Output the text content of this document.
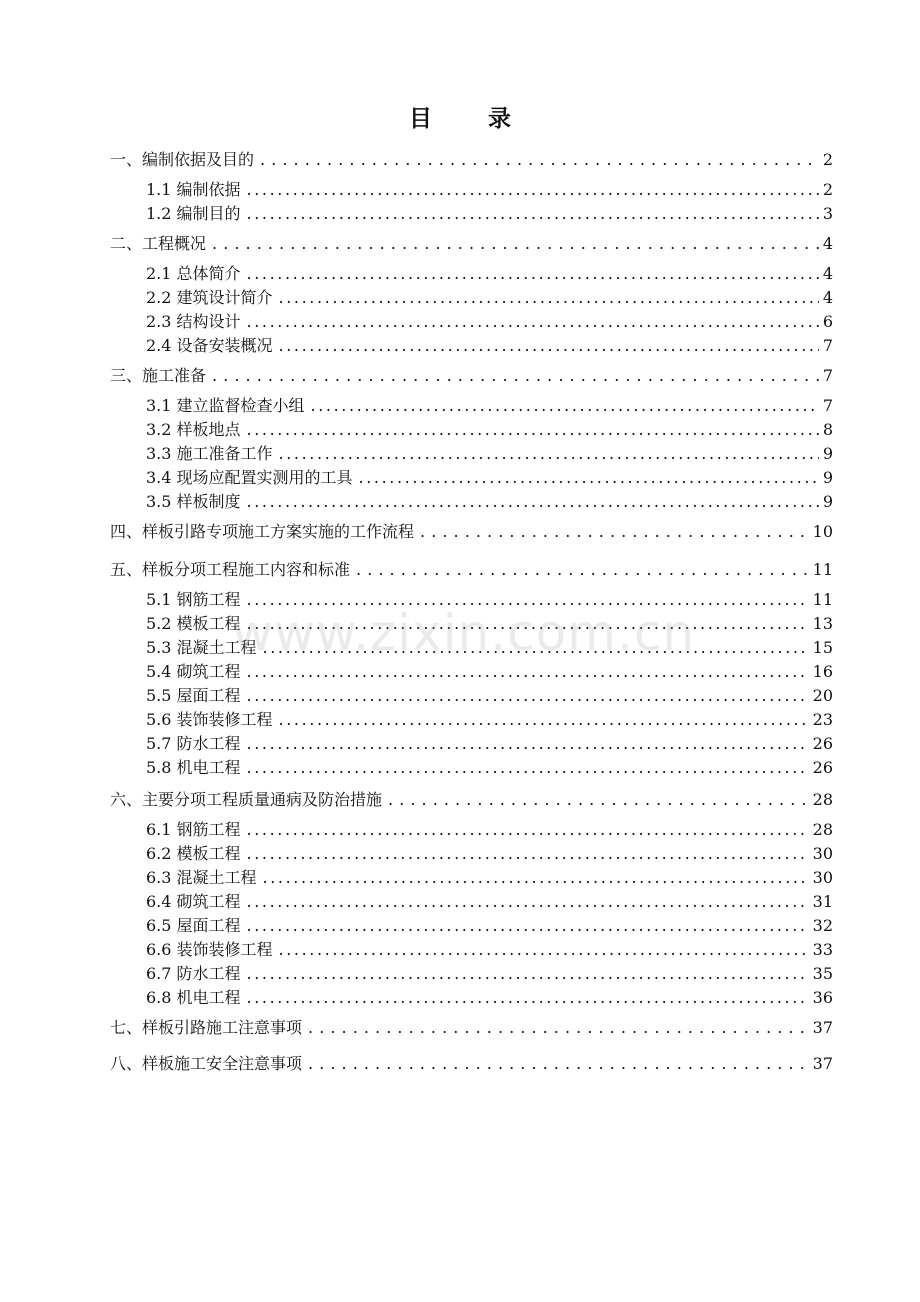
目 录
一、编制依据及目的 . . .	2
1.1 编制依据 .....	2
1.2 编制目的 .....	3
二、工程概况 . . .	4
2.1 总体简介 .....	4
2.2 建筑设计简介 .....	4
2.3 结构设计 .....	6
2.4 设备安装概况 .....	7
三、施工准备 . . .	7
3.1 建立监督检查小组 .....	7
3.2 样板地点 .....	8
3.3 施工准备工作 .....	9
3.4 现场应配置实测用的工具 .....	9
3.5 样板制度 .....	9
四、样板引路专项施工方案实施的工作流程 . . .	10
五、样板分项工程施工内容和标准 . . .	11
5.1 钢筋工程 .....	11
5.2 模板工程 .....	13
5.3 混凝土工程 .....	15
5.4 砌筑工程 .....	16
5.5 屋面工程 .....	20
5.6 装饰装修工程 .....	23
5.7 防水工程 .....	26
5.8 机电工程 .....	26
六、主要分项工程质量通病及防治措施 . . .	28
6.1 钢筋工程 .....	28
6.2 模板工程 .....	30
6.3 混凝土工程 .....	30
6.4 砌筑工程 .....	31
6.5 屋面工程 .....	32
6.6 装饰装修工程 .....	33
6.7 防水工程 .....	35
6.8 机电工程 .....	36
七、样板引路施工注意事项 . . .	37
八、样板施工安全注意事项 . . .	37
www.zixin.com.cn
